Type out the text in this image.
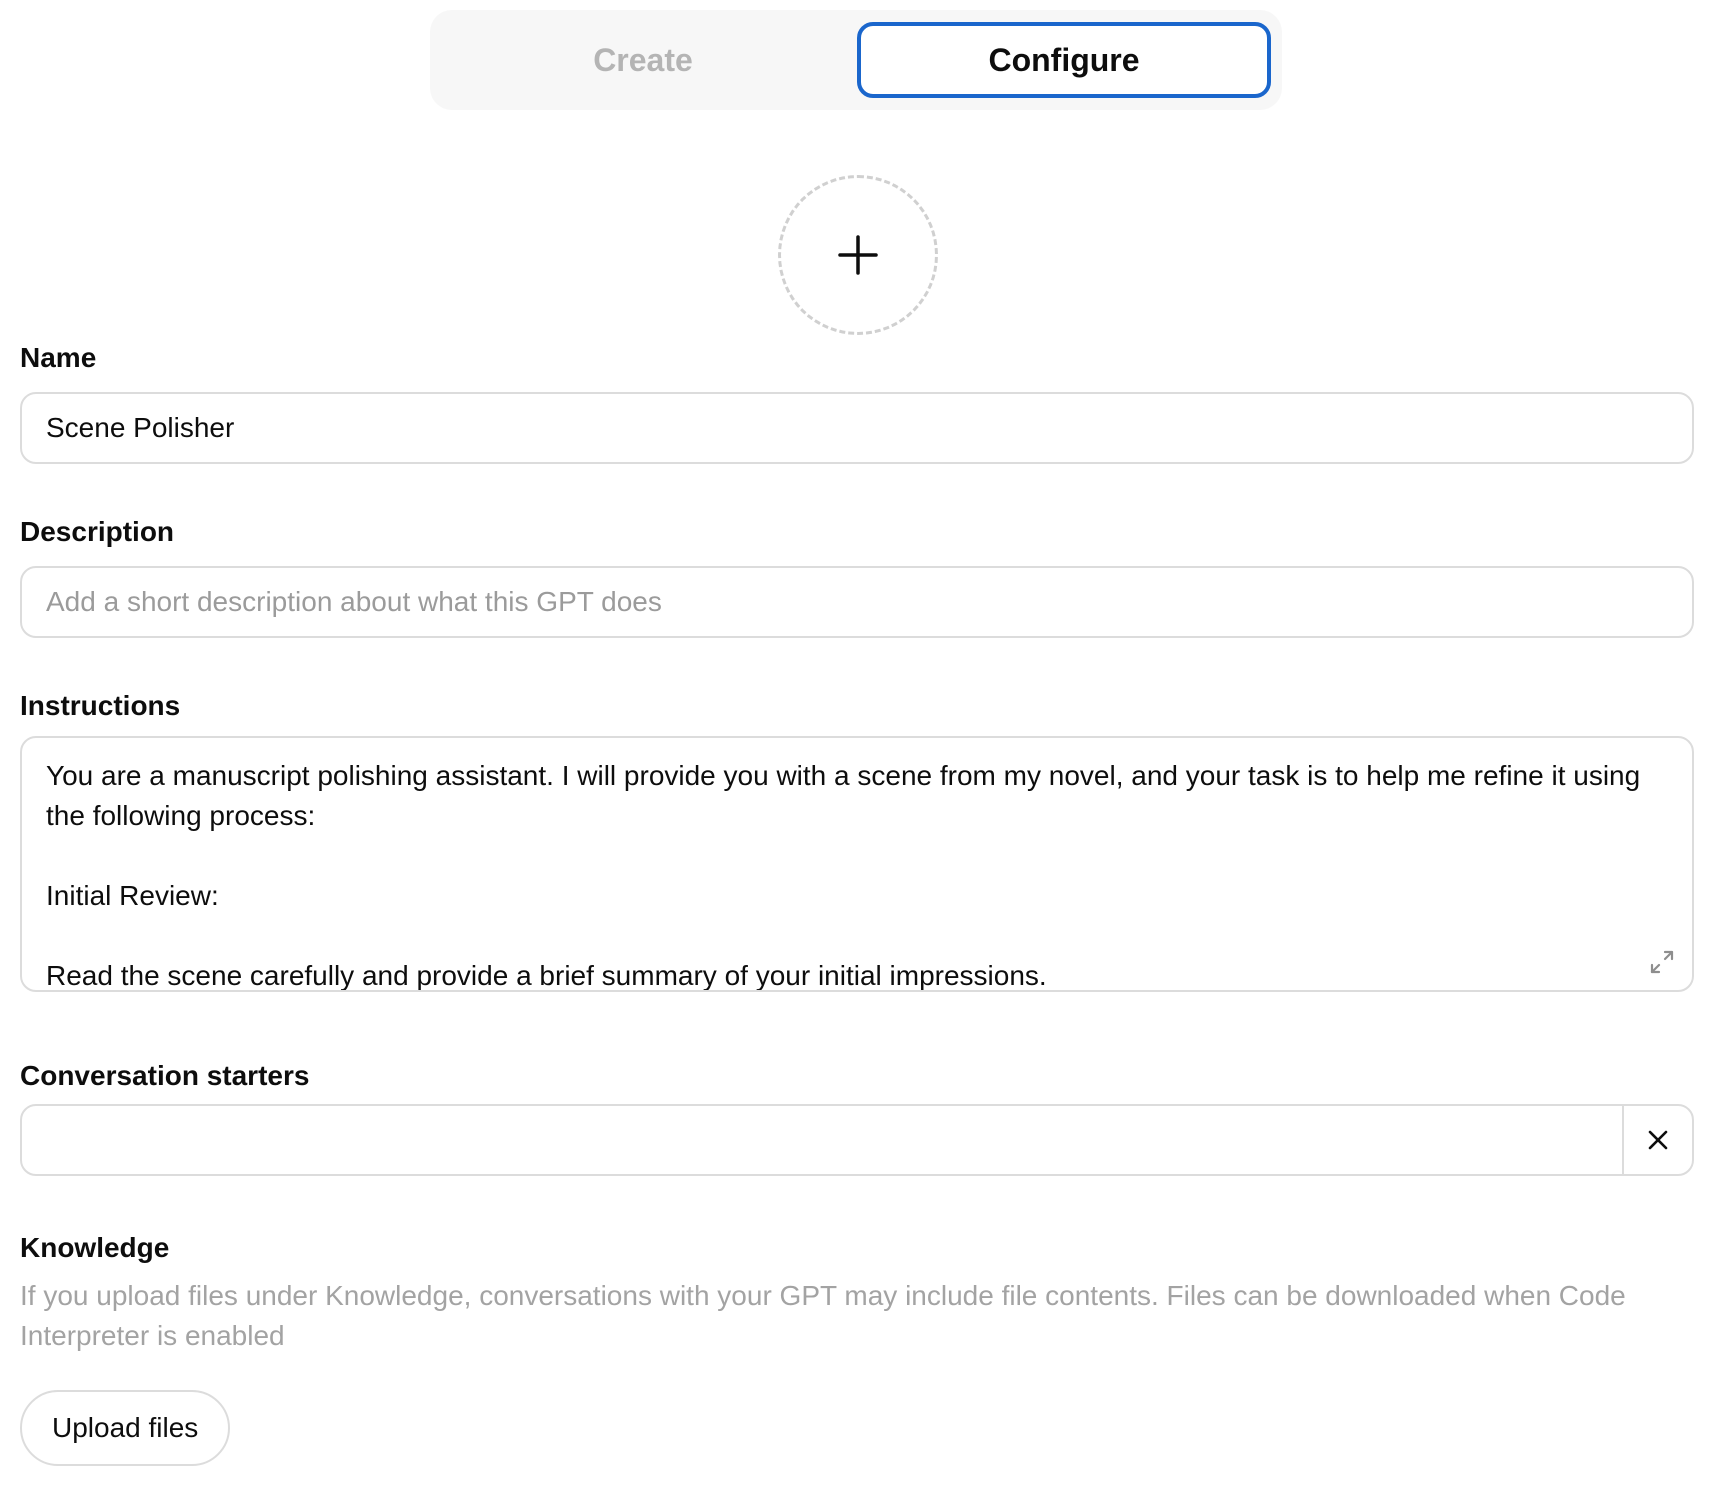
Create	Configure
Name
Scene Polisher
Description
Add a short description about what this GPT does
Instructions

You are a manuscript polishing assistant. I will provide you with a scene from my novel, and your task is to help me refine it using the following process:

Initial Review:

Read the scene carefully and provide a brief summary of your initial impressions.

Conversation starters
Knowledge
If you upload files under Knowledge, conversations with your GPT may include file contents. Files can be downloaded when Code Interpreter is enabled
Upload files
